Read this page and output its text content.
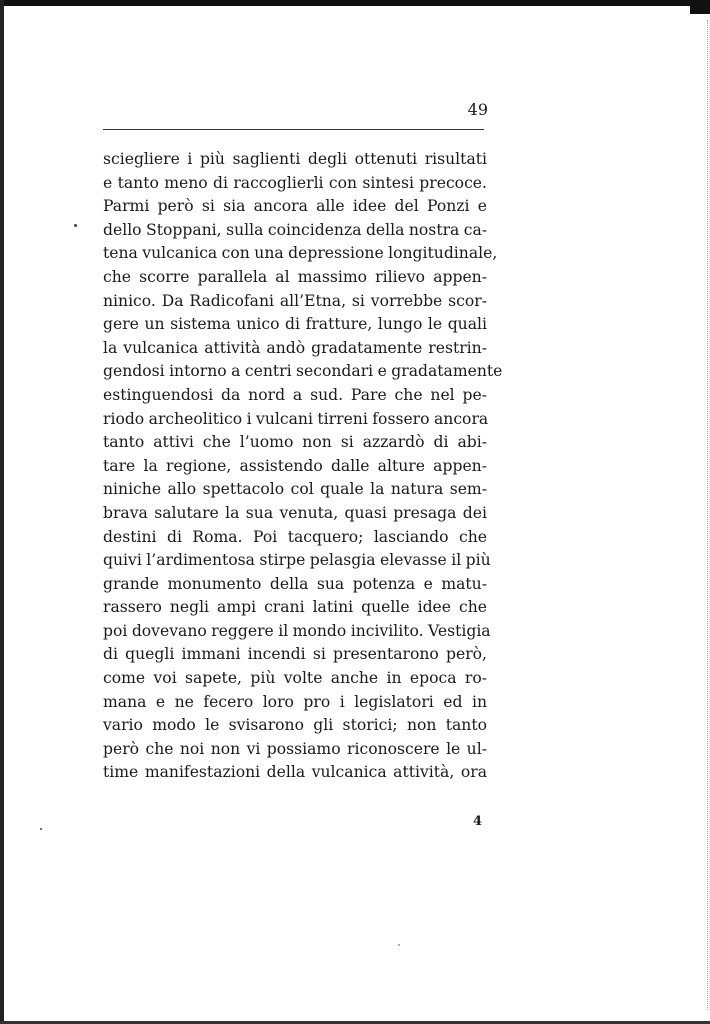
49
sciegliere i più saglienti degli ottenuti risultati
e tanto meno di raccoglierli con sintesi precoce.
Parmi però si sia ancora alle idee del Ponzi e
dello Stoppani, sulla coincidenza della nostra ca-
tena vulcanica con una depressione longitudinale,
che scorre parallela al massimo rilievo appen-
ninico. Da Radicofani all’Etna, si vorrebbe scor-
gere un sistema unico di fratture, lungo le quali
la vulcanica attività andò gradatamente restrin-
gendosi intorno a centri secondari e gradatamente
estinguendosi da nord a sud. Pare che nel pe-
riodo archeolitico i vulcani tirreni fossero ancora
tanto attivi che l’uomo non si azzardò di abi-
tare la regione, assistendo dalle alture appen-
niniche allo spettacolo col quale la natura sem-
brava salutare la sua venuta, quasi presaga dei
destini di Roma. Poi tacquero; lasciando che
quivi l’ardimentosa stirpe pelasgia elevasse il più
grande monumento della sua potenza e matu-
rassero negli ampi crani latini quelle idee che
poi dovevano reggere il mondo incivilito. Vestigia
di quegli immani incendi si presentarono però,
come voi sapete, più volte anche in epoca ro-
mana e ne fecero loro pro i legislatori ed in
vario modo le svisarono gli storici; non tanto
però che noi non vi possiamo riconoscere le ul-
time manifestazioni della vulcanica attività, ora
4
